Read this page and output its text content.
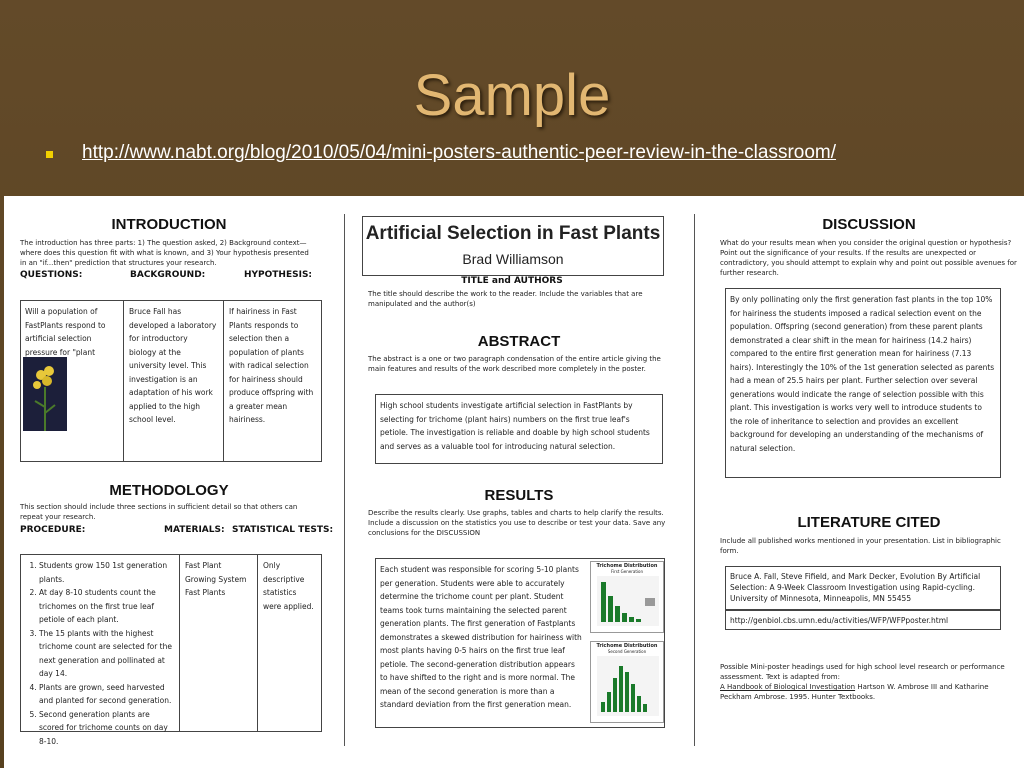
Sample
http://www.nabt.org/blog/2010/05/04/mini-posters-authentic-peer-review-in-the-classroom/
INTRODUCTION
The introduction has three parts: 1) The question asked, 2) Background context—where does this question fit with what is known, and 3) Your hypothesis presented in an "if...then" prediction that structures your research.
QUESTIONS:	BACKGROUND:	HYPOTHESIS:
Will a population of FastPlants respond to artificial selection pressure for "plant
Bruce Fall has developed a laboratory for introductory biology at the university level. This investigation is an adaptation of his work applied to the high school level.
If hairiness in Fast Plants responds to selection then a population of plants with radical selection for hairiness should produce offspring with a greater mean hairiness.
METHODOLOGY
This section should include three sections in sufficient detail so that others can repeat your research.
PROCEDURE:	MATERIALS: STATISTICAL TESTS:
1. Students grow 150 1st generation plants.
2. At day 8-10 students count the trichomes on the first true leaf petiole of each plant.
3. The 15 plants with the highest trichome count are selected for the next generation and pollinated at day 14.
4. Plants are grown, seed harvested and planted for second generation.
5. Second generation plants are scored for trichome counts on day 8-10.
Fast Plant Growing System Fast Plants
Only descriptive statistics were applied.
Artificial Selection in Fast Plants
Brad Williamson
TITLE and AUTHORS
The title should describe the work to the reader. Include the variables that are manipulated and the author(s)
ABSTRACT
The abstract is a one or two paragraph condensation of the entire article giving the main features and results of the work described more completely in the poster.
High school students investigate artificial selection in FastPlants by selecting for trichome (plant hairs) numbers on the first true leaf's petiole. The investigation is reliable and doable by high school students and serves as a valuable tool for introducing natural selection.
RESULTS
Describe the results clearly. Use graphs, tables and charts to help clarify the results. Include a discussion on the statistics you use to describe or test your data. Save any conclusions for the DISCUSSION
Each student was responsible for scoring 5-10 plants per generation. Students were able to accurately determine the trichome count per plant. Student teams took turns maintaining the selected parent generation plants. The first generation of Fastplants demonstrates a skewed distribution for hairiness with most plants having 0-5 hairs on the first true leaf petiole. The second-generation distribution appears to have shifted to the right and is more normal. The mean of the second generation is more than a standard deviation from the first generation mean.
Trichome Distribution
First Generation
Trichome Distribution
Second Generation
DISCUSSION
What do your results mean when you consider the original question or hypothesis? Point out the significance of your results. If the results are unexpected or contradictory, you should attempt to explain why and point out possible avenues for further research.
By only pollinating only the first generation fast plants in the top 10% for hairiness the students imposed a radical selection event on the population. Offspring (second generation) from these parent plants demonstrated a clear shift in the mean for hairiness (14.2 hairs) compared to the entire first generation mean for hairiness (7.13 hairs). Interestingly the 10% of the 1st generation selected as parents had a mean of 25.5 hairs per plant. Further selection over several generations would indicate the range of selection possible with this plant. This investigation is works very well to introduce students to the role of inheritance to selection and provides an excellent background for developing an understanding of the mechanisms of natural selection.
LITERATURE CITED
Include all published works mentioned in your presentation. List in bibliographic form.
Bruce A. Fall, Steve Fifield, and Mark Decker, Evolution By Artificial Selection: A 9-Week Classroom Investigation using Rapid-cycling. University of Minnesota, Minneapolis, MN 55455
http://genbiol.cbs.umn.edu/activities/WFP/WFPposter.html
Possible Mini-poster headings used for high school level research or performance assessment. Text is adapted from:
A Handbook of Biological Investigation Hartson W. Ambrose III and Katharine Peckham Ambrose. 1995. Hunter Textbooks.
